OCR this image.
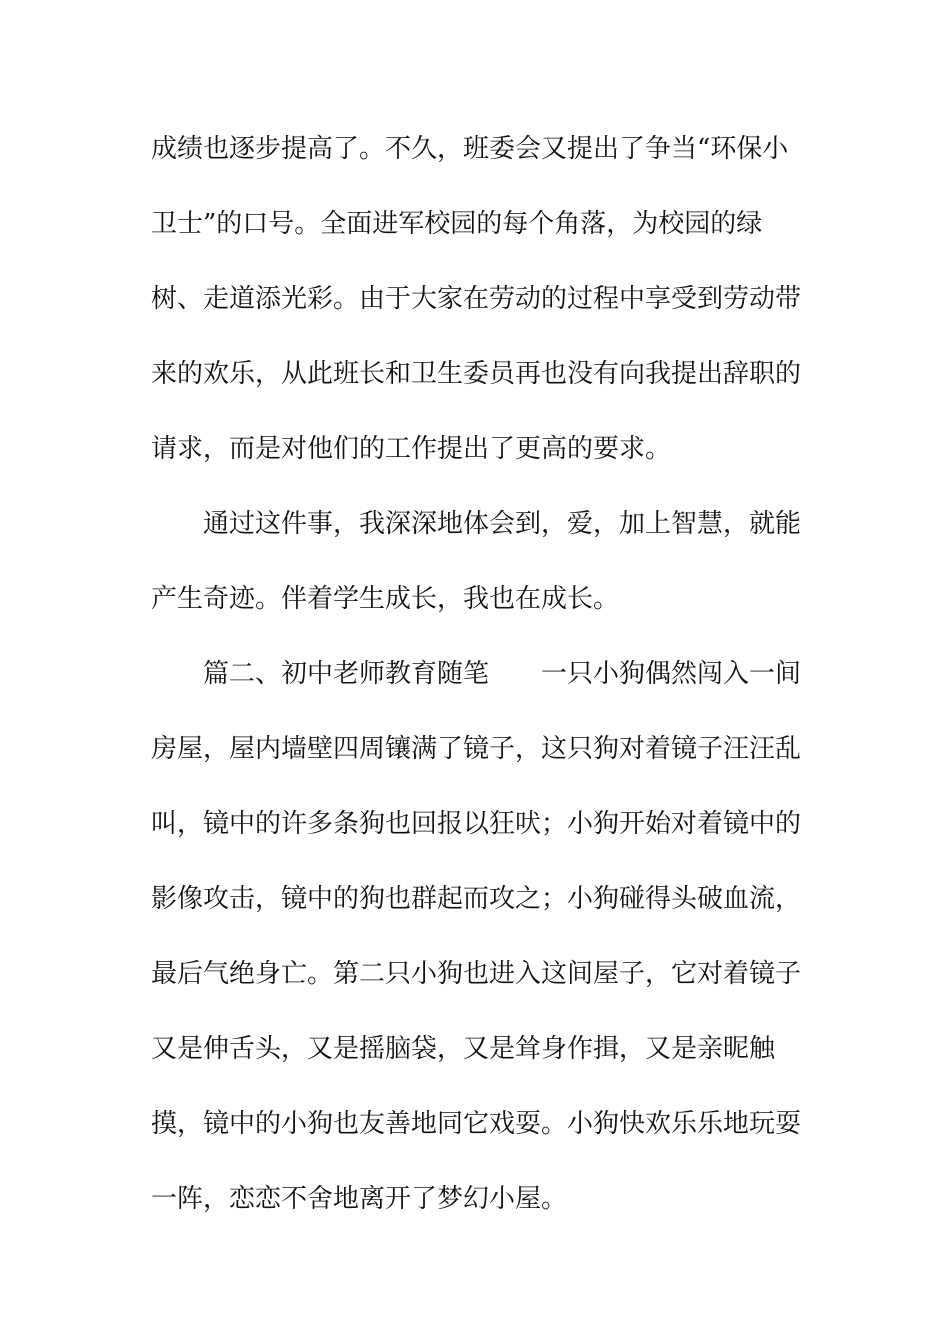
成绩也逐步提高了。不久，班委会又提出了争当“环保小
卫士”的口号。全面进军校园的每个角落，为校园的绿
树、走道添光彩。由于大家在劳动的过程中享受到劳动带
来的欢乐，从此班长和卫生委员再也没有向我提出辞职的
请求，而是对他们的工作提出了更高的要求。
通过这件事，我深深地体会到，爱，加上智慧，就能
产生奇迹。伴着学生成长，我也在成长。
篇二、初中老师教育随笔　　一只小狗偶然闯入一间
房屋，屋内墙壁四周镶满了镜子，这只狗对着镜子汪汪乱
叫，镜中的许多条狗也回报以狂吠；小狗开始对着镜中的
影像攻击，镜中的狗也群起而攻之；小狗碰得头破血流，
最后气绝身亡。第二只小狗也进入这间屋子，它对着镜子
又是伸舌头，又是摇脑袋，又是耸身作揖，又是亲昵触
摸，镜中的小狗也友善地同它戏耍。小狗快欢乐乐地玩耍
一阵，恋恋不舍地离开了梦幻小屋。
